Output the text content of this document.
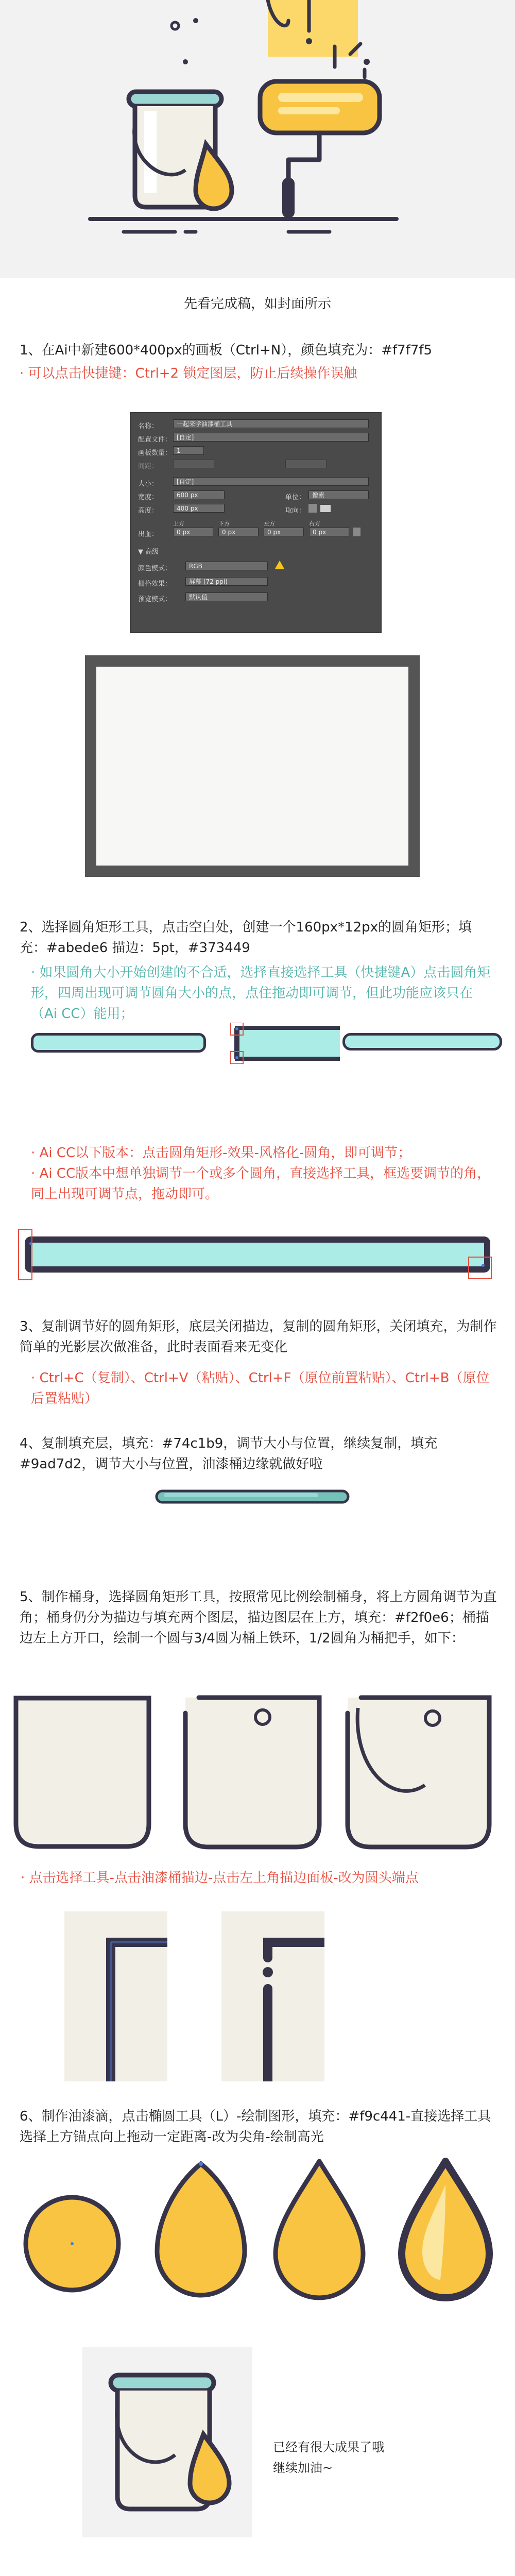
先看完成稿，如封面所示
1、在Ai中新建600*400px的画板（Ctrl+N），颜色填充为：#f7f7f5
· 可以点击快捷键：Ctrl+2 锁定图层，防止后续操作误触
名称：	一起来学油漆桶工具
配置文件： [自定]
画板数量： 1
间距：
大小：	[自定]
宽度：	600 px	单位：	像素
高度：	400 px	取向：
上方	下方	左方	右方
出血：	0 px	0 px	0 px	0 px
▼ 高级
颜色模式：	RGB
栅格效果：	屏幕 (72 ppi)
预览模式：	默认值
2、选择圆角矩形工具，点击空白处，创建一个160px*12px的圆角矩形；填充：#abede6 描边：5pt，#373449
· 如果圆角大小开始创建的不合适，选择直接选择工具（快捷键A）点击圆角矩形，四周出现可调节圆角大小的点，点住拖动即可调节，但此功能应该只在（Ai CC）能用；
· Ai CC以下版本：点击圆角矩形-效果-风格化-圆角，即可调节；
· Ai CC版本中想单独调节一个或多个圆角，直接选择工具，框选要调节的角，同上出现可调节点，拖动即可。
3、复制调节好的圆角矩形，底层关闭描边，复制的圆角矩形，关闭填充，为制作简单的光影层次做准备，此时表面看来无变化
· Ctrl+C（复制）、Ctrl+V（粘贴）、Ctrl+F（原位前置粘贴）、Ctrl+B（原位后置粘贴）
4、复制填充层，填充：#74c1b9，调节大小与位置，继续复制，填充#9ad7d2，调节大小与位置，油漆桶边缘就做好啦
5、制作桶身，选择圆角矩形工具，按照常见比例绘制桶身，将上方圆角调节为直角；桶身仍分为描边与填充两个图层，描边图层在上方，填充：#f2f0e6；桶描边左上方开口，绘制一个圆与3/4圆为桶上铁环，1/2圆角为桶把手，如下：
· 点击选择工具-点击油漆桶描边-点击左上角描边面板-改为圆头端点
6、制作油漆滴，点击椭圆工具（L）-绘制图形，填充：#f9c441-直接选择工具选择上方锚点向上拖动一定距离-改为尖角-绘制高光
已经有很大成果了哦
继续加油~
